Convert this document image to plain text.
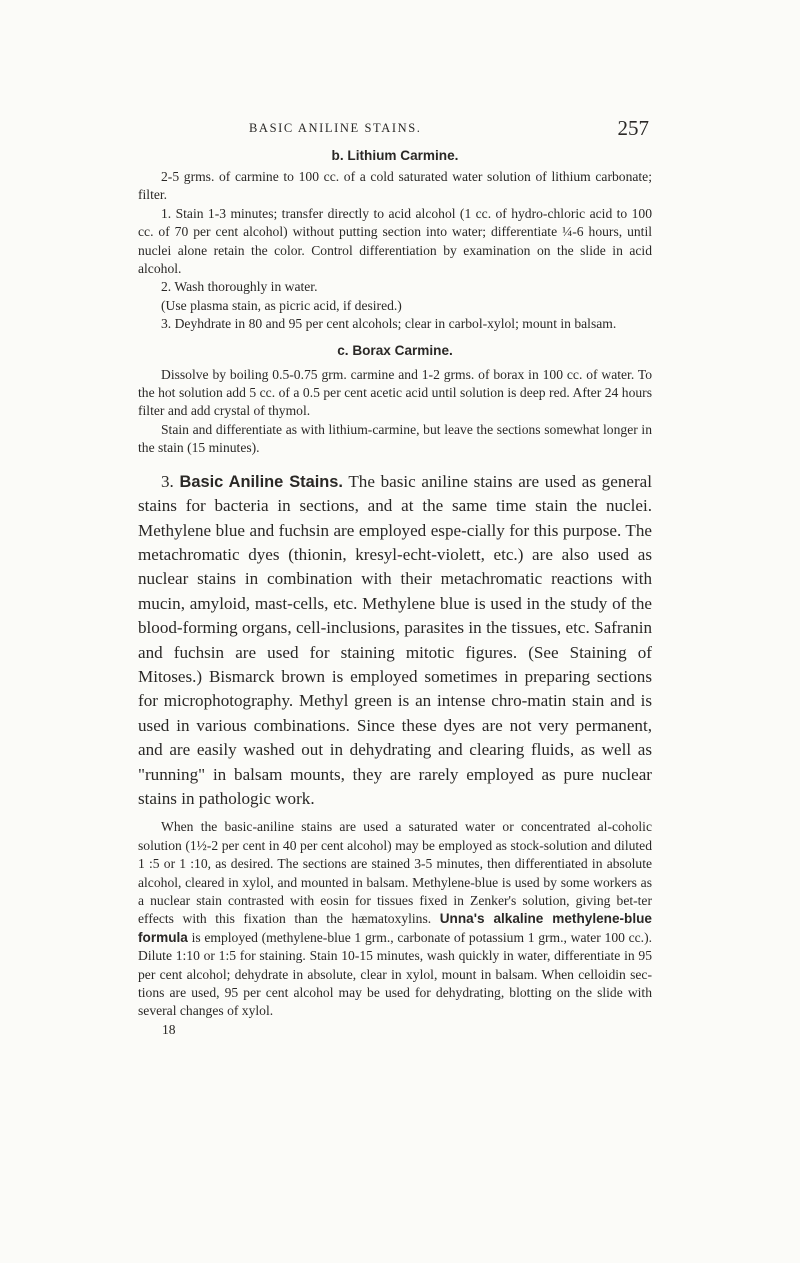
BASIC ANILINE STAINS.	257

b. Lithium Carmine.

2-5 grms. of carmine to 100 cc. of a cold saturated water solution of lithium carbonate; filter.

1. Stain 1-3 minutes; transfer directly to acid alcohol (1 cc. of hydro-chloric acid to 100 cc. of 70 per cent alcohol) without putting section into water; differentiate ¼-6 hours, until nuclei alone retain the color. Control differentiation by examination on the slide in acid alcohol.

2. Wash thoroughly in water.

(Use plasma stain, as picric acid, if desired.)

3. Deyhdrate in 80 and 95 per cent alcohols; clear in carbol-xylol; mount in balsam.

c. Borax Carmine.

Dissolve by boiling 0.5-0.75 grm. carmine and 1-2 grms. of borax in 100 cc. of water. To the hot solution add 5 cc. of a 0.5 per cent acetic acid until solution is deep red. After 24 hours filter and add crystal of thymol.

Stain and differentiate as with lithium-carmine, but leave the sections somewhat longer in the stain (15 minutes).

3. Basic Aniline Stains. The basic aniline stains are used as general stains for bacteria in sections, and at the same time stain the nuclei. Methylene blue and fuchsin are employed espe-cially for this purpose. The metachromatic dyes (thionin, kresyl-echt-violett, etc.) are also used as nuclear stains in combination with their metachromatic reactions with mucin, amyloid, mast-cells, etc. Methylene blue is used in the study of the blood-forming organs, cell-inclusions, parasites in the tissues, etc. Safranin and fuchsin are used for staining mitotic figures. (See Staining of Mitoses.) Bismarck brown is employed sometimes in preparing sections for microphotography. Methyl green is an intense chro-matin stain and is used in various combinations. Since these dyes are not very permanent, and are easily washed out in dehydrating and clearing fluids, as well as "running" in balsam mounts, they are rarely employed as pure nuclear stains in pathologic work.

When the basic-aniline stains are used a saturated water or concentrated al-coholic solution (1½-2 per cent in 40 per cent alcohol) may be employed as stock-solution and diluted 1 :5 or 1 :10, as desired. The sections are stained 3-5 minutes, then differentiated in absolute alcohol, cleared in xylol, and mounted in balsam. Methylene-blue is used by some workers as a nuclear stain contrasted with eosin for tissues fixed in Zenker's solution, giving bet-ter effects with this fixation than the hæmatoxylins. Unna's alkaline methylene-blue formula is employed (methylene-blue 1 grm., carbonate of potassium 1 grm., water 100 cc.). Dilute 1:10 or 1:5 for staining. Stain 10-15 minutes, wash quickly in water, differentiate in 95 per cent alcohol; dehydrate in absolute, clear in xylol, mount in balsam. When celloidin sec-tions are used, 95 per cent alcohol may be used for dehydrating, blotting on the slide with several changes of xylol.

18
